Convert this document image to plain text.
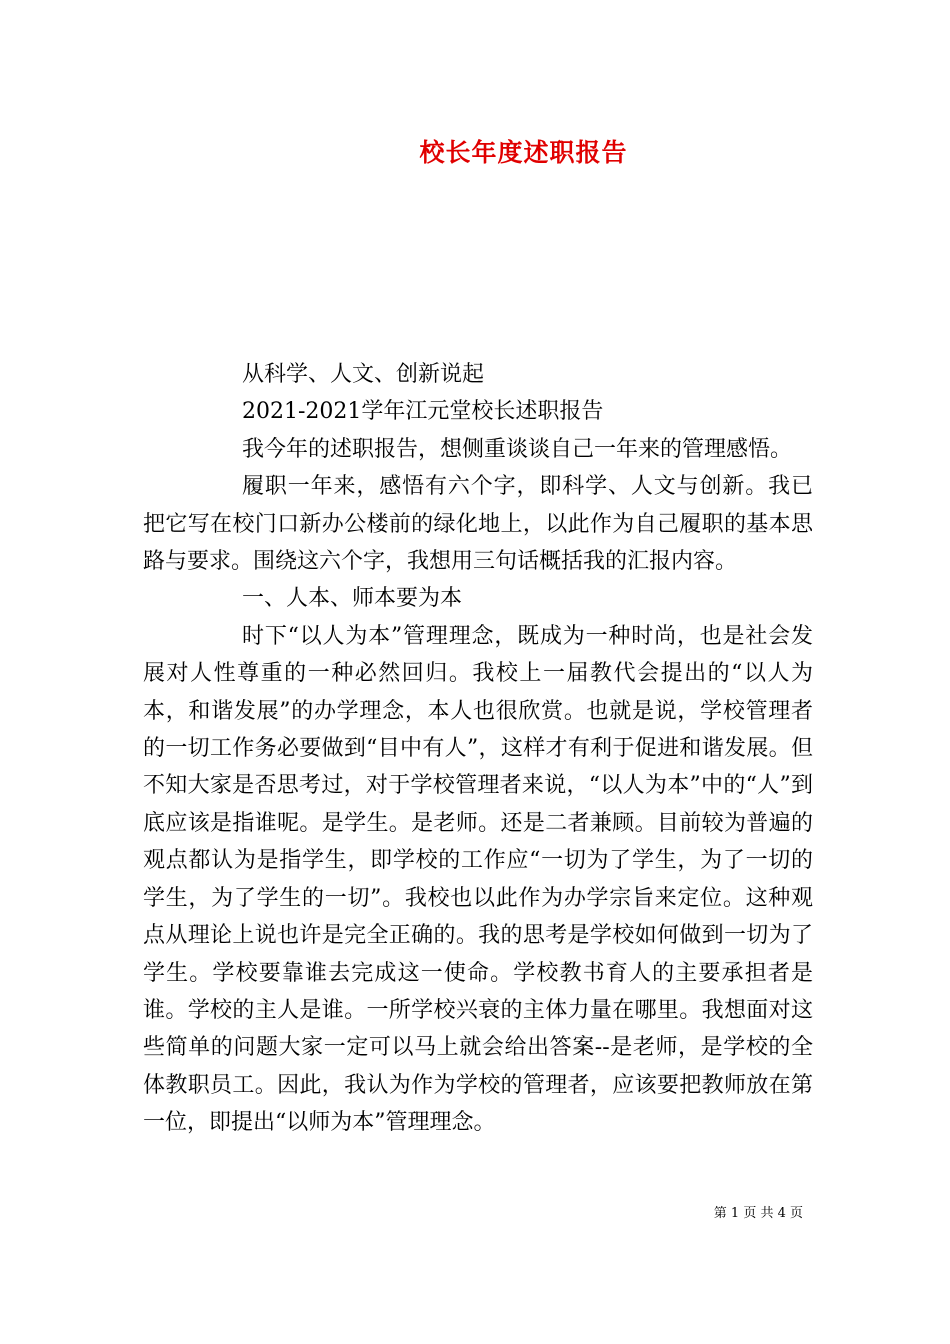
校长年度述职报告

从科学、人文、创新说起

2021-2021学年江元堂校长述职报告

我今年的述职报告，想侧重谈谈自己一年来的管理感悟。

履职一年来，感悟有六个字，即科学、人文与创新。我已把它写在校门口新办公楼前的绿化地上，以此作为自己履职的基本思路与要求。围绕这六个字，我想用三句话概括我的汇报内容。

一、人本、师本要为本

时下“以人为本”管理理念，既成为一种时尚，也是社会发展对人性尊重的一种必然回归。我校上一届教代会提出的“以人为本，和谐发展”的办学理念，本人也很欣赏。也就是说，学校管理者的一切工作务必要做到“目中有人”，这样才有利于促进和谐发展。但不知大家是否思考过，对于学校管理者来说，“以人为本”中的“人”到底应该是指谁呢。是学生。是老师。还是二者兼顾。目前较为普遍的观点都认为是指学生，即学校的工作应“一切为了学生，为了一切的学生，为了学生的一切”。我校也以此作为办学宗旨来定位。这种观点从理论上说也许是完全正确的。我的思考是学校如何做到一切为了学生。学校要靠谁去完成这一使命。学校教书育人的主要承担者是谁。学校的主人是谁。一所学校兴衰的主体力量在哪里。我想面对这些简单的问题大家一定可以马上就会给出答案--是老师，是学校的全体教职员工。因此，我认为作为学校的管理者，应该要把教师放在第一位，即提出“以师为本”管理理念。

第 1 页 共 4 页
